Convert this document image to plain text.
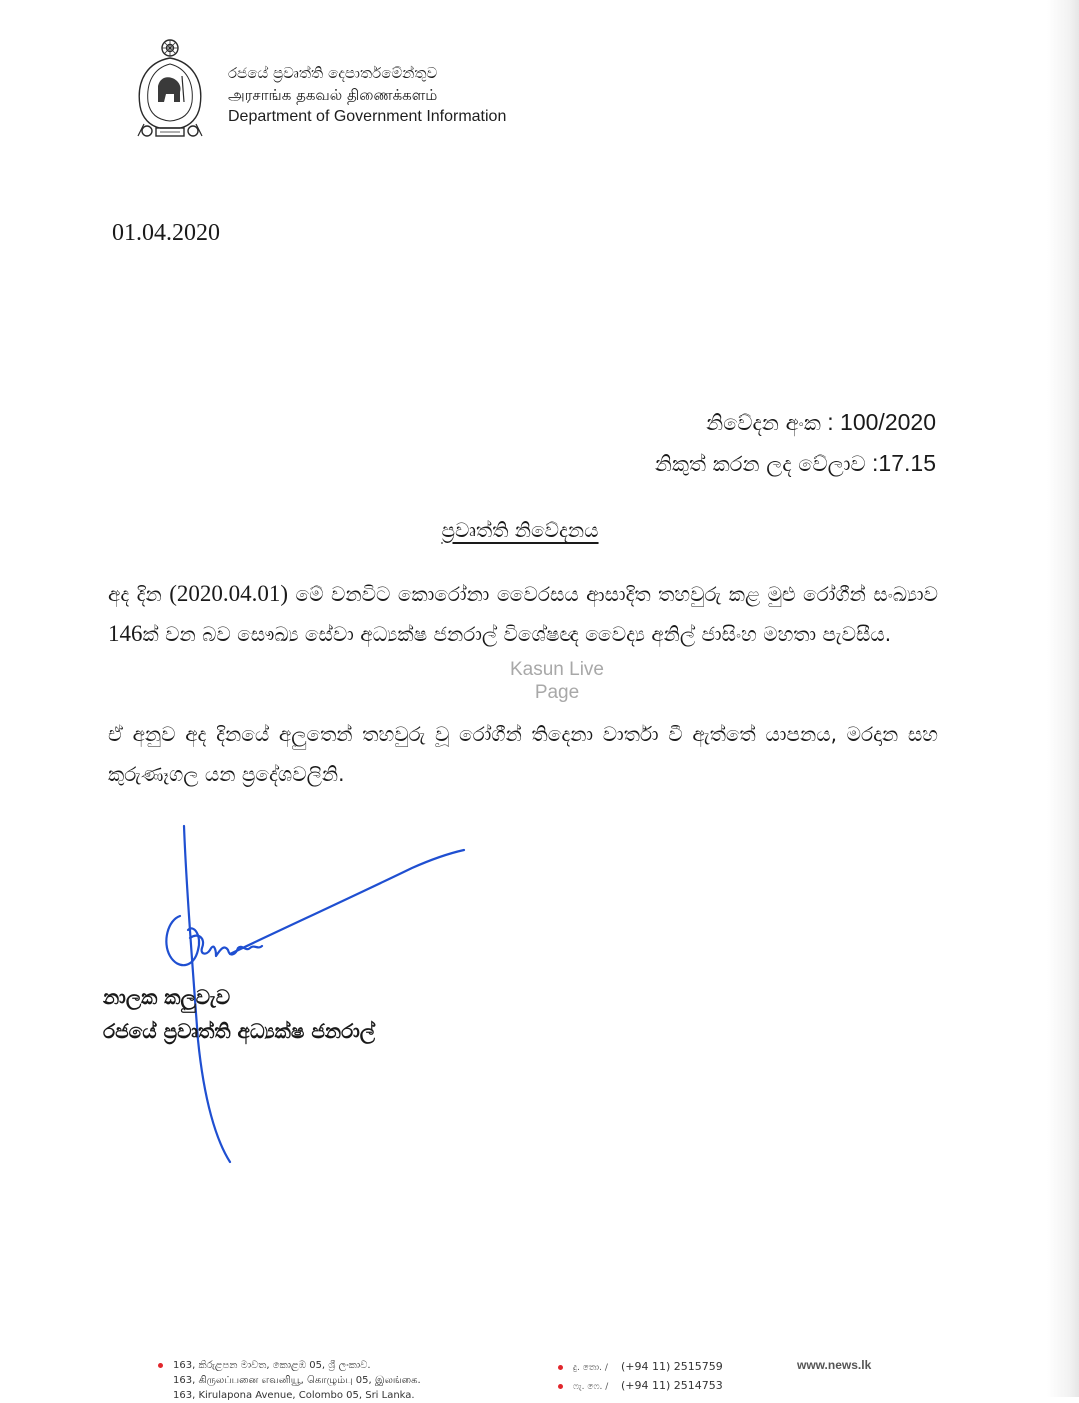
රජයේ ප්‍රවෘත්ති දෙපාර්තමේන්තුව
அரசாங்க தகவல் திணைக்களம்
Department of Government Information
01.04.2020
නිවේදන අංක : 100/2020
නිකුත් කරන ලද වේලාව :17.15
ප්‍රවෘත්ති නිවේදනය
අද දින (2020.04.01) මේ වනවිට කොරෝනා වෛරසය ආසාදිත තහවුරු කළ මුළු රෝගීන් සංඛ්‍යාව 146ක් වන බව සෞඛ්‍ය සේවා අධ්‍යක්ෂ ජනරාල් විශේෂඥ වෛද්‍ය අනිල් ජාසිංහ මහතා පැවසීය.
Kasun Live
Page
ඒ අනුව අද දිනයේ අලුතෙන් තහවුරු වූ රෝගීන් තිදෙනා වාර්තා වී ඇත්තේ යාපනය, මරදාන සහ කුරුණෑගල යන ප්‍රදේශවලිනි.
නාලක කලුවැව
රජයේ ප්‍රවෘත්ති අධ්‍යක්ෂ ජනරාල්
163, කිරුළපන මාවත, කොළඹ 05, ශ්‍රී ලංකාව.
163, கிருலப்பனை எவனியூ, கொழும்பு 05, இலங்கை.
163, Kirulapona Avenue, Colombo 05, Sri Lanka.
දු. තො. / (+94 11) 2515759
ෆැ. ෆෙ. / (+94 11) 2514753
www.news.lk
